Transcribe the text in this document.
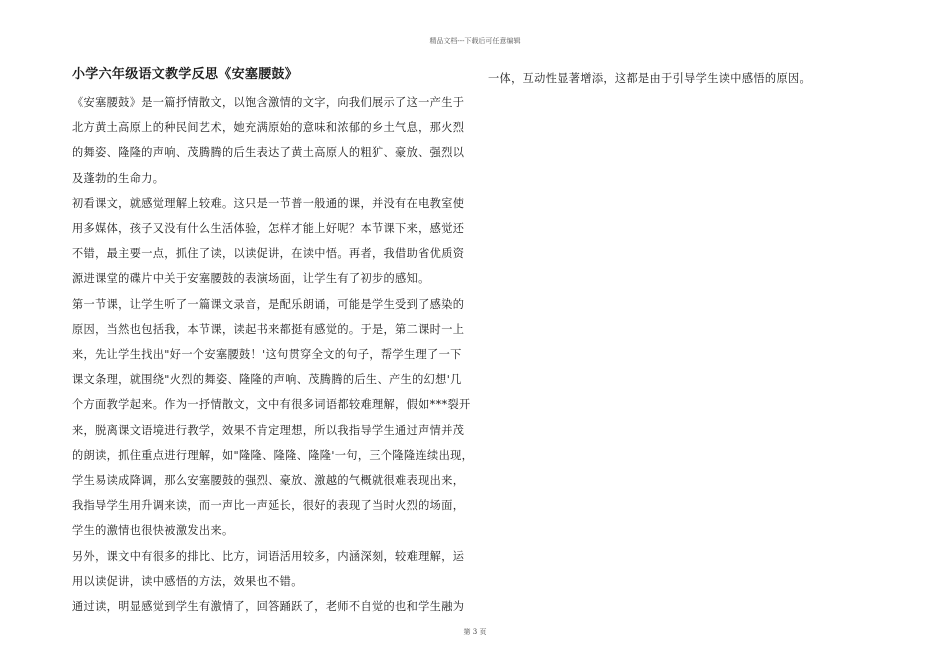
精品文档---下载后可任意编辑
小学六年级语文教学反思《安塞腰鼓》

《安塞腰鼓》是一篇抒情散文，以饱含激情的文字，向我们展示了这一产生于
北方黄土高原上的种民间艺术，她充满原始的意味和浓郁的乡土气息，那火烈
的舞姿、隆隆的声响、茂腾腾的后生表达了黄土高原人的粗犷、豪放、强烈以
及蓬勃的生命力。

初看课文，就感觉理解上较难。这只是一节普一般通的课，并没有在电教室使
用多媒体，孩子又没有什么生活体验，怎样才能上好呢？本节课下来，感觉还
不错，最主要一点，抓住了读，以读促讲，在读中悟。再者，我借助省优质资
源进课堂的碟片中关于安塞腰鼓的表演场面，让学生有了初步的感知。

第一节课，让学生听了一篇课文录音，是配乐朗诵，可能是学生受到了感染的
原因，当然也包括我，本节课，读起书来都挺有感觉的。于是，第二课时一上
来，先让学生找出"好一个安塞腰鼓！'这句贯穿全文的句子，帮学生理了一下
课文条理，就围绕"火烈的舞姿、隆隆的声响、茂腾腾的后生、产生的幻想'几
个方面教学起来。作为一抒情散文，文中有很多词语都较难理解，假如***裂开
来，脱离课文语境进行教学，效果不肯定理想，所以我指导学生通过声情并茂
的朗读，抓住重点进行理解，如"隆隆、隆隆、隆隆'一句，三个隆隆连续出现，
学生易读成降调，那么安塞腰鼓的强烈、豪放、激越的气概就很难表现出来，
我指导学生用升调来读，而一声比一声延长，很好的表现了当时火烈的场面，
学生的激情也很快被激发出来。

另外，课文中有很多的排比、比方，词语活用较多，内涵深刻，较难理解，运
用以读促讲，读中感悟的方法，效果也不错。

通过读，明显感觉到学生有激情了，回答踊跃了，老师不自觉的也和学生融为

一体，互动性显著增添，这都是由于引导学生读中感悟的原因。

第 3 页
